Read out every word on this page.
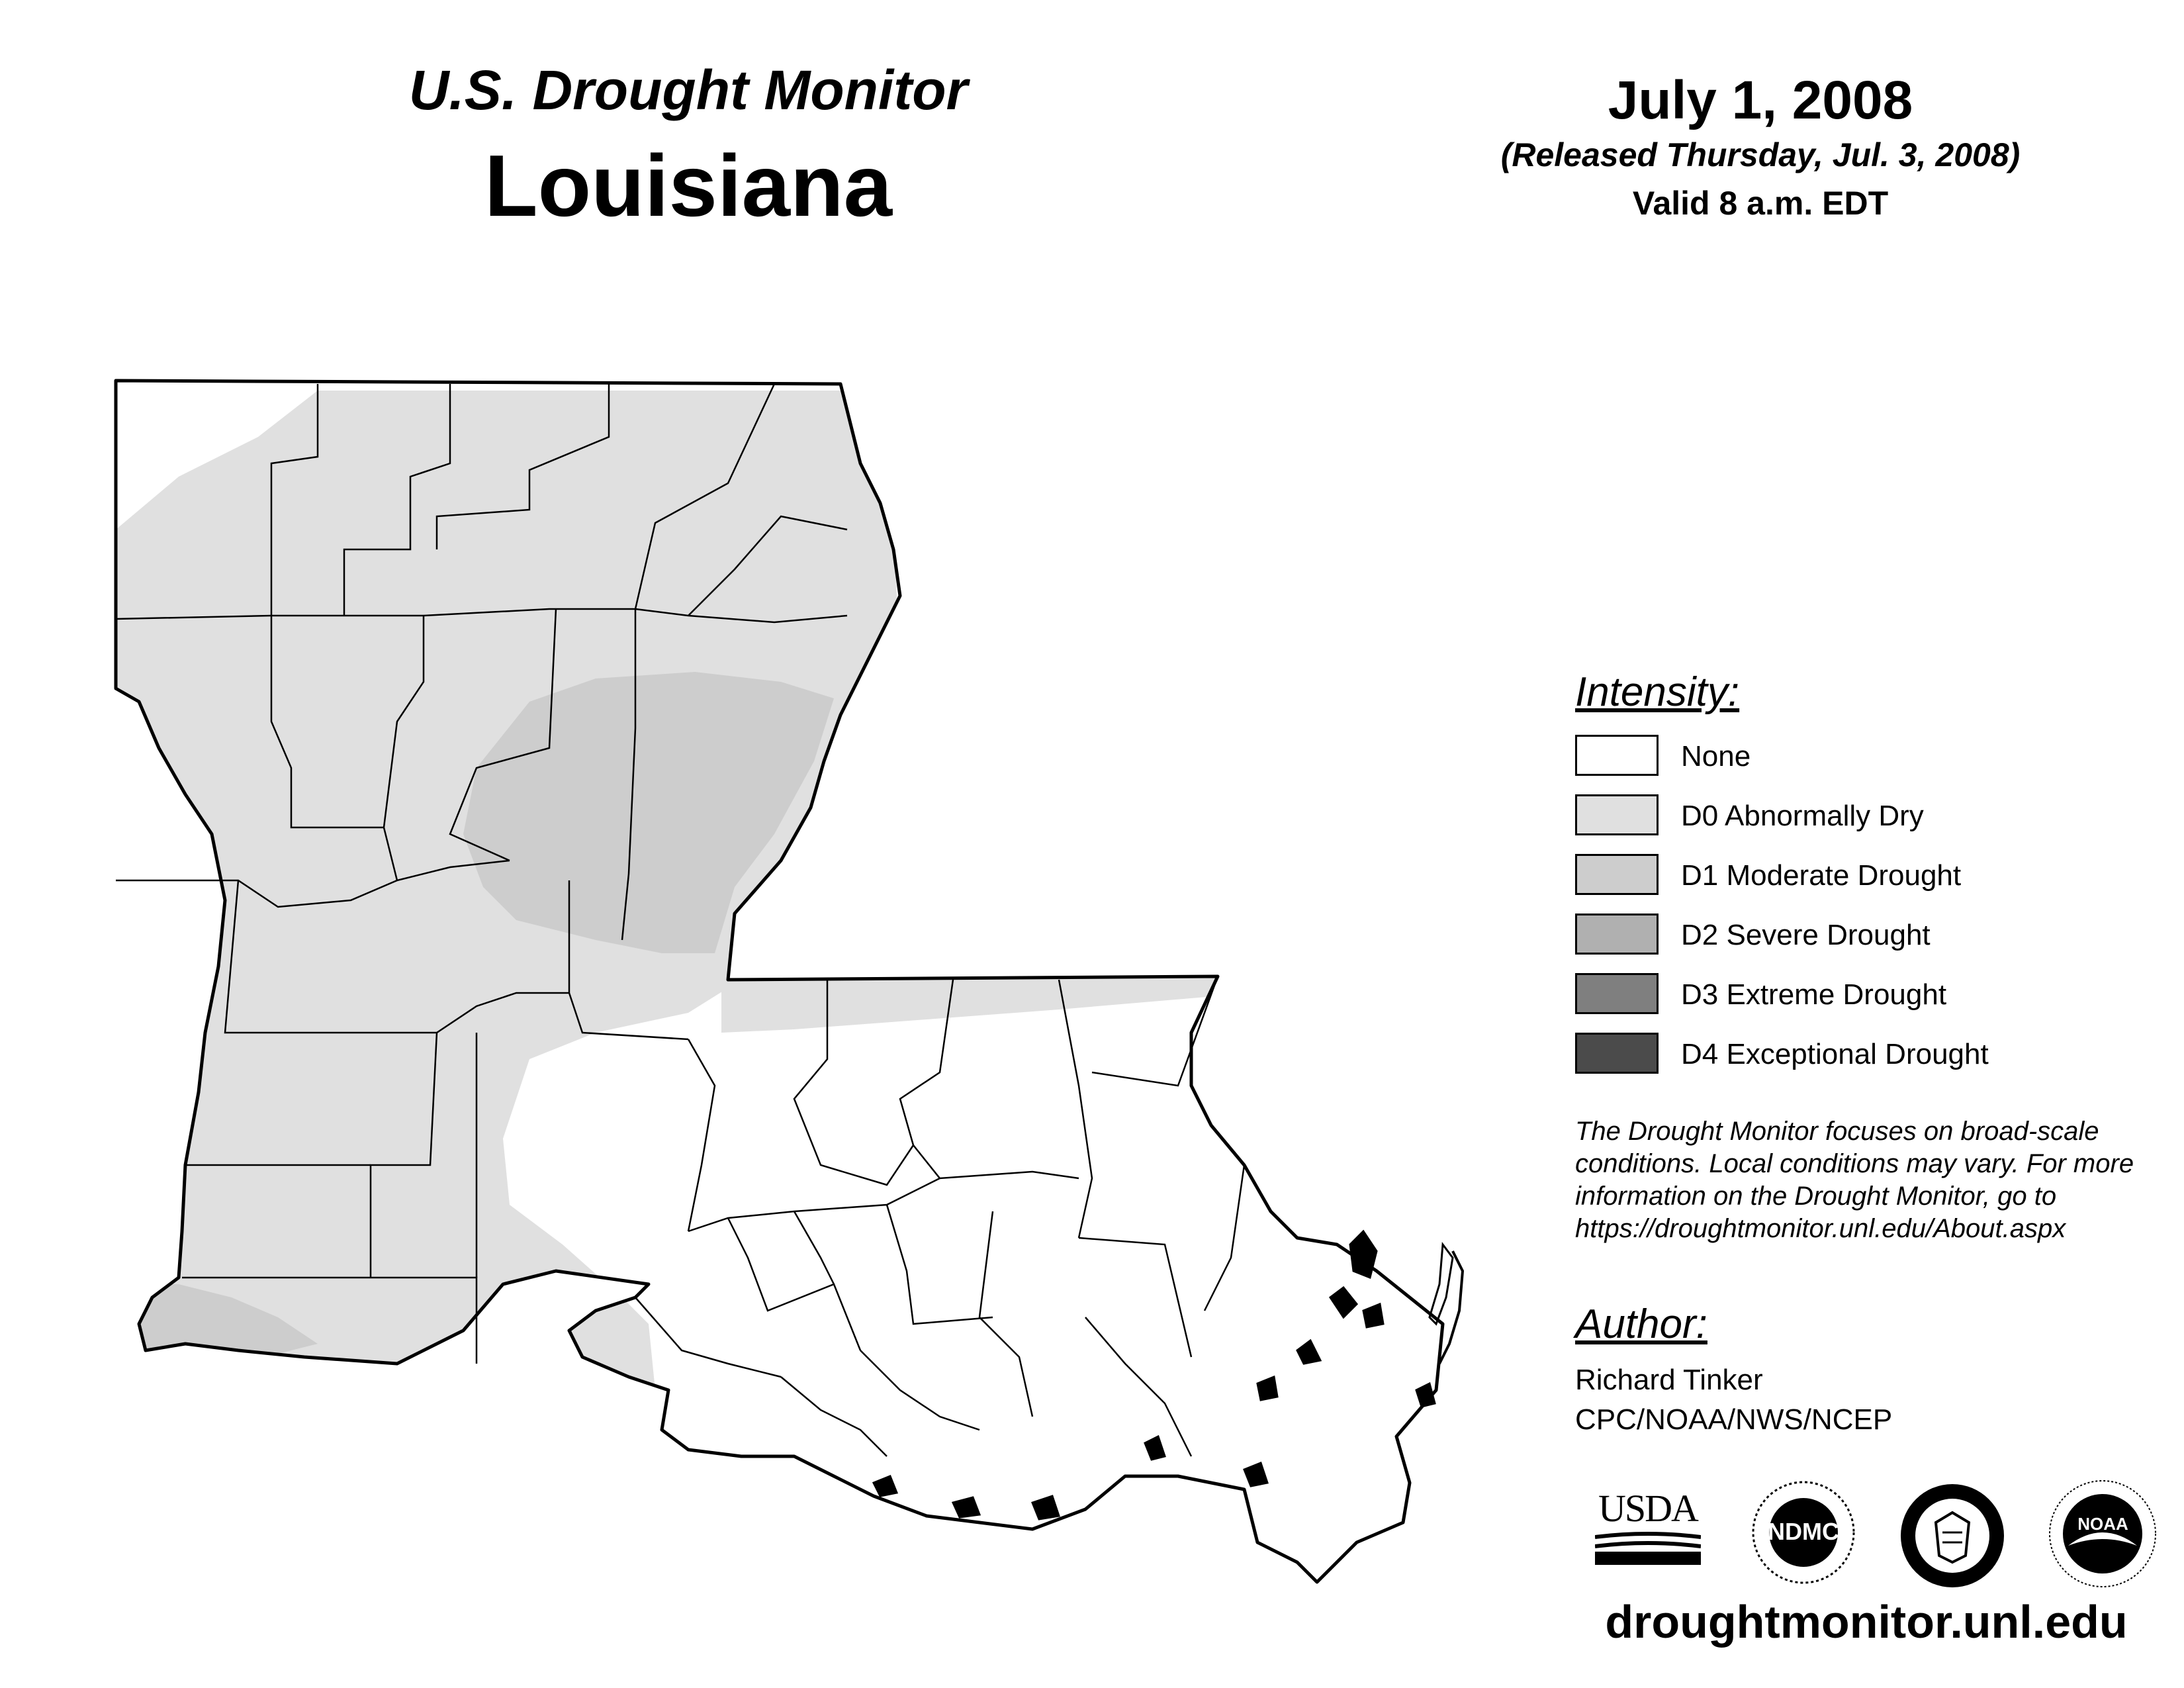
U.S. Drought Monitor
Louisiana
July 1, 2008
(Released Thursday, Jul. 3, 2008)
Valid 8 a.m. EDT
Intensity:
None
D0 Abnormally Dry
D1 Moderate Drought
D2 Severe Drought
D3 Extreme Drought
D4 Exceptional Drought
The Drought Monitor focuses on broad-scale
conditions. Local conditions may vary. For more
information on the Drought Monitor, go to
https://droughtmonitor.unl.edu/About.aspx
Author:
Richard Tinker
CPC/NOAA/NWS/NCEP
USDA
NDMC	NOAA
droughtmonitor.unl.edu
